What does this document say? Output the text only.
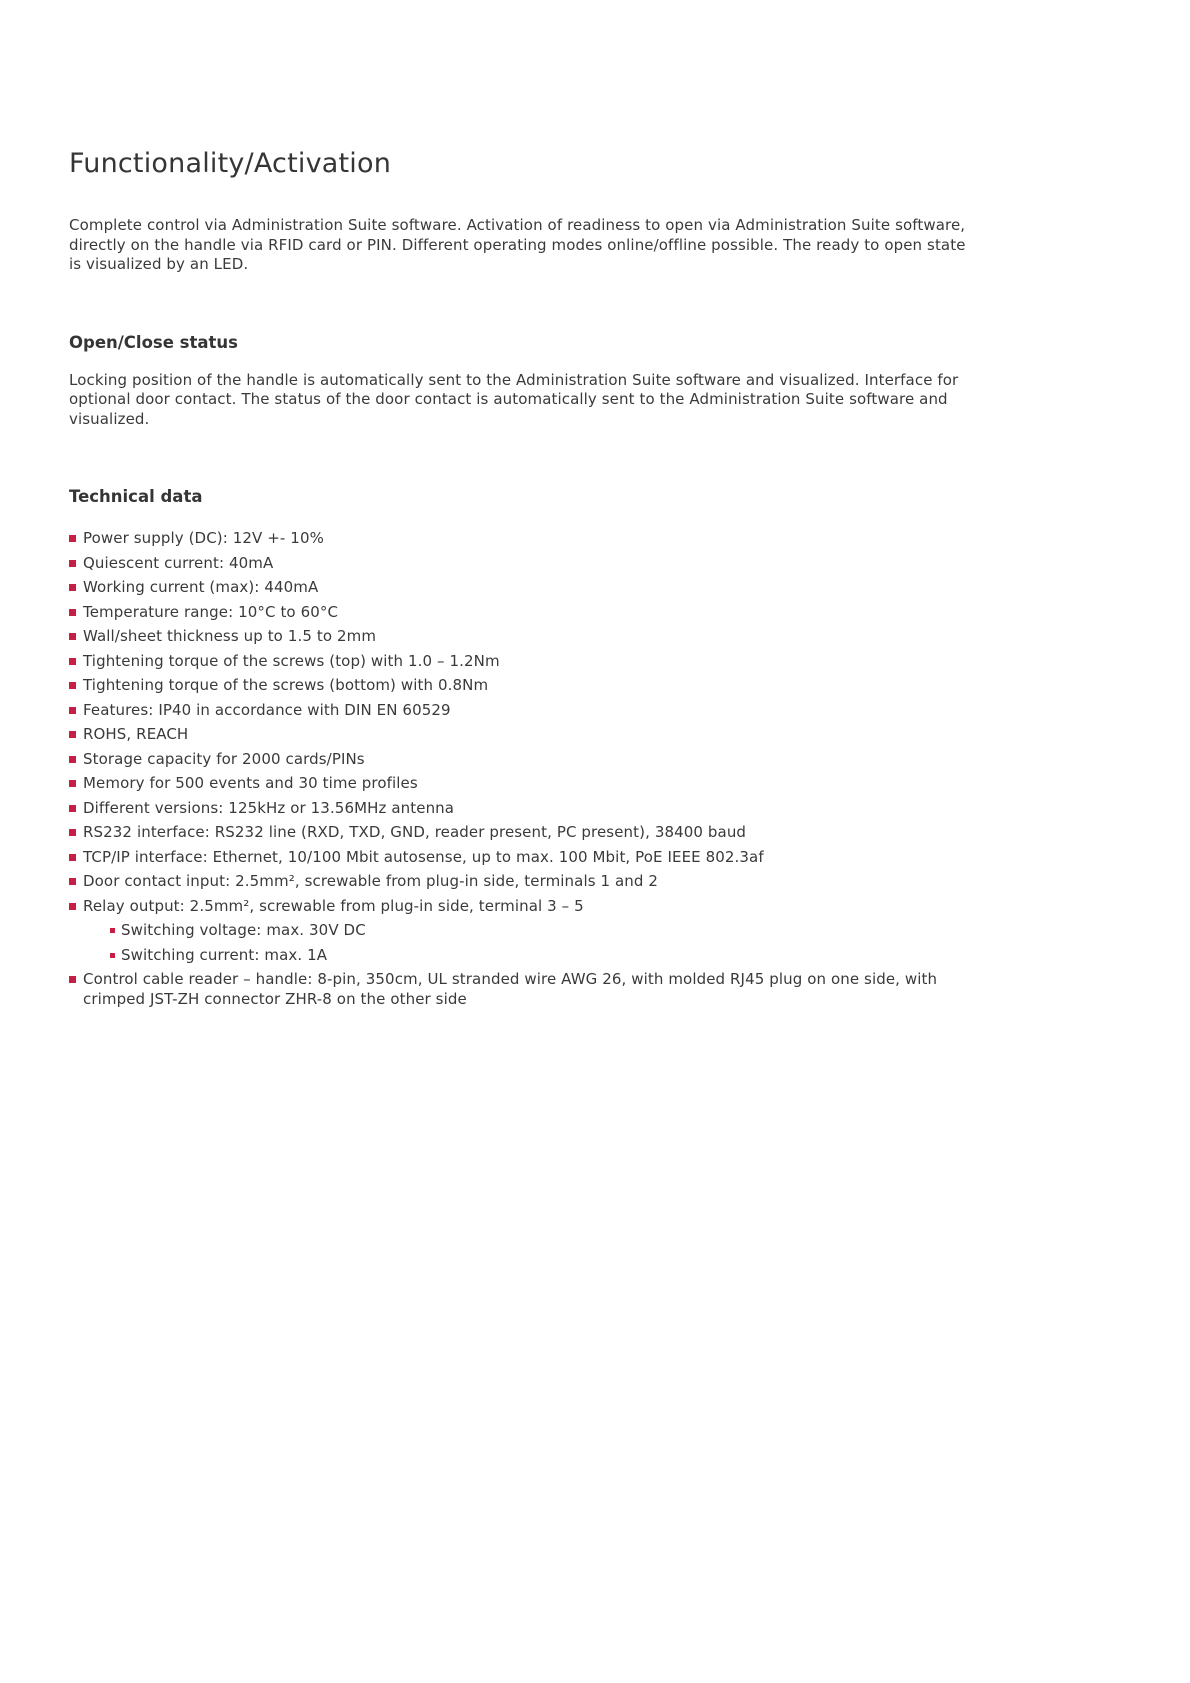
Functionality/Activation

Complete control via Administration Suite software. Activation of readiness to open via Administration Suite software, directly on the handle via RFID card or PIN. Different operating modes online/offline possible. The ready to open state is visualized by an LED.

Open/Close status

Locking position of the handle is automatically sent to the Administration Suite software and visualized. Interface for optional door contact. The status of the door contact is automatically sent to the Administration Suite software and visualized.

Technical data
Power supply (DC): 12V +- 10%
Quiescent current: 40mA
Working current (max): 440mA
Temperature range: 10°C to 60°C
Wall/sheet thickness up to 1.5 to 2mm
Tightening torque of the screws (top) with 1.0 – 1.2Nm
Tightening torque of the screws (bottom) with 0.8Nm
Features: IP40 in accordance with DIN EN 60529
ROHS, REACH
Storage capacity for 2000 cards/PINs
Memory for 500 events and 30 time profiles
Different versions: 125kHz or 13.56MHz antenna
RS232 interface: RS232 line (RXD, TXD, GND, reader present, PC present), 38400 baud
TCP/IP interface: Ethernet, 10/100 Mbit autosense, up to max. 100 Mbit, PoE IEEE 802.3af
Door contact input: 2.5mm², screwable from plug-in side, terminals 1 and 2
Relay output: 2.5mm², screwable from plug-in side, terminal 3 – 5
Switching voltage: max. 30V DC
Switching current: max. 1A
Control cable reader – handle: 8-pin, 350cm, UL stranded wire AWG 26, with molded RJ45 plug on one side, with crimped JST-ZH connector ZHR-8 on the other side
